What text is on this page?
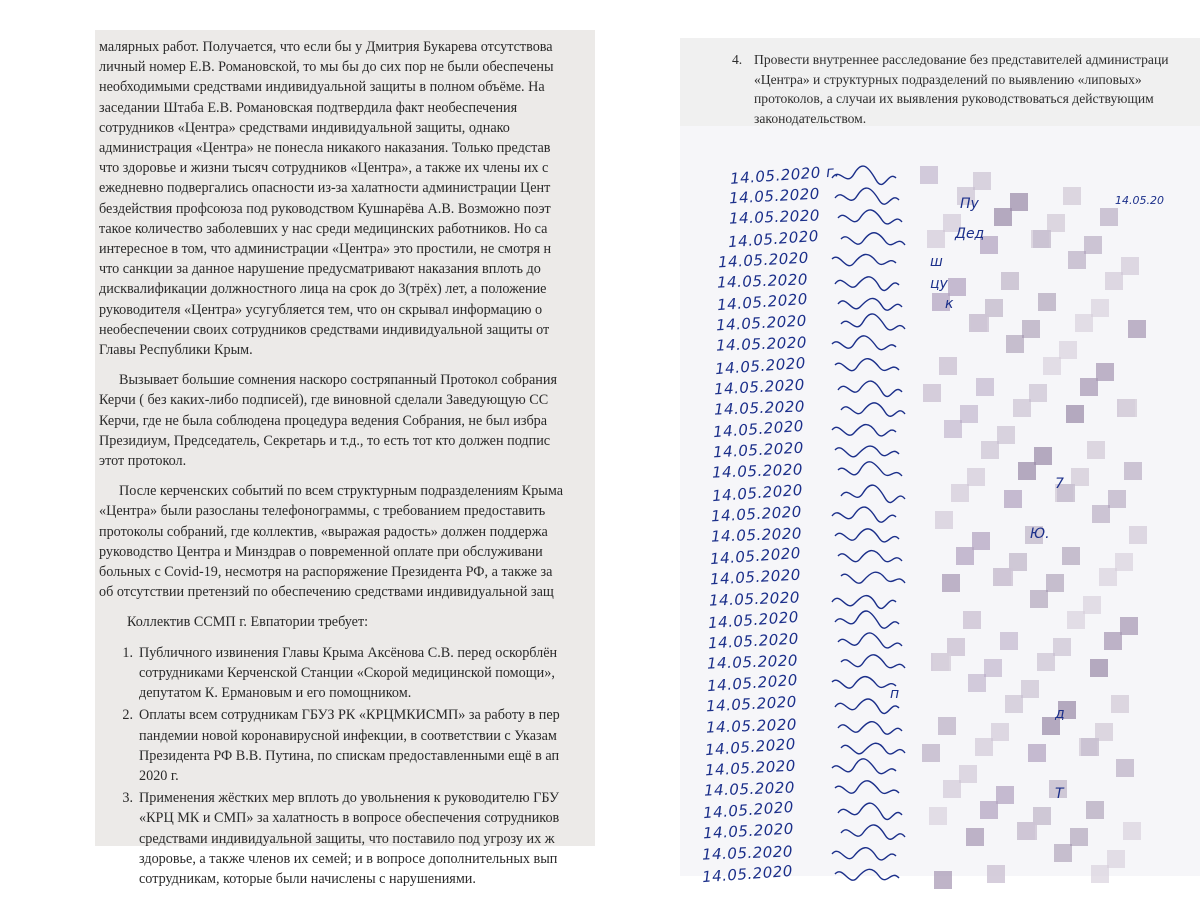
малярных работ. Получается, что если бы у Дмитрия Букарева отсутствова

личный номер Е.В. Романовской, то мы бы до сих пор не были обеспечены

необходимыми средствами индивидуальной защиты в полном объёме. На

заседании Штаба Е.В. Романовская подтвердила факт необеспечения

сотрудников «Центра» средствами индивидуальной защиты, однако

администрация «Центра» не понесла никакого наказания. Только представ

что здоровье и жизни тысяч сотрудников «Центра», а также их члены их с

ежедневно подвергались опасности из-за халатности администрации Цент

бездействия профсоюза под руководством Кушнарёва А.В. Возможно поэт

такое количество заболевших у нас среди медицинских работников. Но са

интересное в том, что администрации «Центра» это простили, не смотря н

что санкции за данное нарушение предусматривают наказания вплоть до

дисквалификации должностного лица на срок до 3(трёх) лет, а положение

руководителя «Центра» усугубляется тем, что он скрывал информацию о

необеспечении своих сотрудников средствами индивидуальной защиты от

Главы Республики Крым.

Вызывает большие сомнения наскоро состряпанный Протокол собрания

Керчи ( без каких-либо подписей), где виновной сделали Заведующую СС

Керчи, где не была соблюдена процедура ведения Собрания, не был избра

Президиум, Председатель, Секретарь и т.д., то есть тот кто должен подпис

этот протокол.

После керченских событий по всем структурным подразделениям Крыма

«Центра» были разосланы телефонограммы, с требованием предоставить

протоколы собраний, где коллектив, «выражая радость» должен поддержа

руководство Центра и Минздрав о повременной оплате при обслуживани

больных с Covid-19, несмотря на распоряжение Президента РФ, а также за

об отсутствии претензий по обеспечению средствами индивидуальной защ

Коллектив ССМП г. Евпатории требует:

1. Публичного извинения Главы Крыма Аксёнова С.В. перед оскорблён

сотрудниками Керченской Станции «Скорой медицинской помощи»,

депутатом К. Ермановым и его помощником.

2. Оплаты всем сотрудникам ГБУЗ РК «КРЦМКИСМП» за работу в пер

пандемии новой коронавирусной инфекции, в соответствии с Указам

Президента РФ В.В. Путина, по спискам предоставленными ещё в ап

2020 г.

3. Применения жёстких мер вплоть до увольнения к руководителю ГБУ

«КРЦ МК и СМП» за халатность в вопросе обеспечения сотрудников

средствами индивидуальной защиты, что поставило под угрозу их ж

здоровье, а также членов их семей; и в вопросе дополнительных вып

сотрудникам, которые были начислены с нарушениями.

4. Провести внутреннее расследование без представителей администраци

«Центра» и структурных подразделений по выявлению «липовых»

протоколов, а случаи их выявления руководствоваться действующим

законодательством.

14.05.2020 г.
14.05.2020
14.05.2020
14.05.2020
14.05.2020
14.05.2020
14.05.2020
14.05.2020
14.05.2020
14.05.2020
14.05.2020
14.05.2020
14.05.2020
14.05.2020
14.05.2020
14.05.2020
14.05.2020
14.05.2020
14.05.2020
14.05.2020
14.05.2020
14.05.2020
14.05.2020
14.05.2020
14.05.2020
14.05.2020
14.05.2020
14.05.2020
14.05.2020
14.05.2020
14.05.2020
14.05.2020
14.05.2020
14.05.2020
14.05.20
Пу
Дед
ш
цу
к
Ю.
7
п
д
Т
